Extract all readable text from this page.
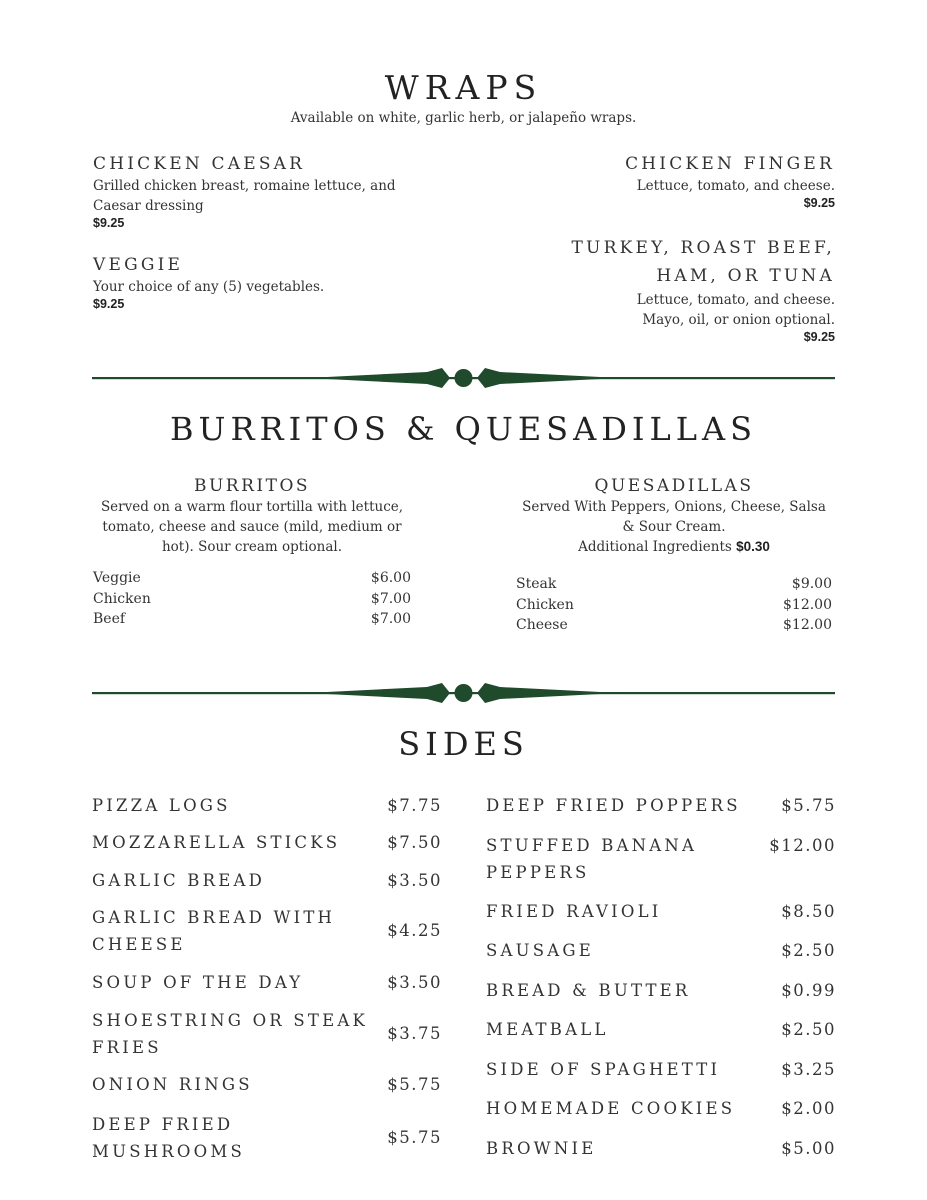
WRAPS
Available on white, garlic herb, or jalapeño wraps.
CHICKEN CAESAR
Grilled chicken breast, romaine lettuce, and Caesar dressing
$9.25
VEGGIE
Your choice of any (5) vegetables.
$9.25
CHICKEN FINGER
Lettuce, tomato, and cheese.
$9.25
TURKEY, ROAST BEEF,
HAM, OR TUNA
Lettuce, tomato, and cheese.
Mayo, oil, or onion optional.
$9.25
BURRITOS & QUESADILLAS
BURRITOS
Served on a warm flour tortilla with lettuce, tomato, cheese and sauce (mild, medium or hot). Sour cream optional.
Veggie	$6.00
Chicken	$7.00
Beef	$7.00
QUESADILLAS
Served With Peppers, Onions, Cheese, Salsa & Sour Cream.
Additional Ingredients $0.30
Steak	$9.00
Chicken	$12.00
Cheese	$12.00
SIDES
PIZZA LOGS	$7.75
MOZZARELLA STICKS	$7.50
GARLIC BREAD	$3.50
GARLIC BREAD WITH
CHEESE
$4.25
SOUP OF THE DAY	$3.50
SHOESTRING OR STEAK
FRIES
$3.75
ONION RINGS	$5.75
DEEP FRIED
MUSHROOMS
$5.75
DEEP FRIED POPPERS	$5.75
STUFFED BANANA
PEPPERS
$12.00
FRIED RAVIOLI	$8.50
SAUSAGE	$2.50
BREAD & BUTTER	$0.99
MEATBALL	$2.50
SIDE OF SPAGHETTI	$3.25
HOMEMADE COOKIES	$2.00
BROWNIE	$5.00
